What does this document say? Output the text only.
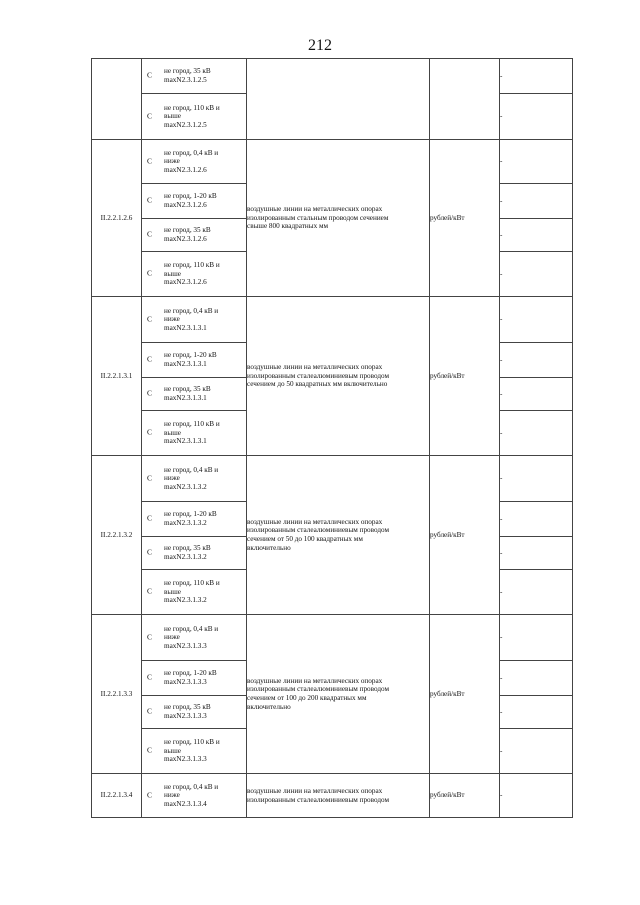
212

	С не город, 35 кВ
maxN2.3.1.2.5			-

	С
не город, 110 кВ и
выше
maxN2.3.1.2.5			-
II.2.2.1.2.6	С
не город, 0,4 кВ и
ниже
maxN2.3.1.2.6	воздушные линии на металлических опорах
изолированным стальным проводом сечением
свыше 800 квадратных мм	рублей/кВт	-

	С не город, 1-20 кВ
maxN2.3.1.2.6			-

	С не город, 35 кВ
maxN2.3.1.2.6			-

	С
не город, 110 кВ и
выше
maxN2.3.1.2.6			-
II.2.2.1.3.1	С
не город, 0,4 кВ и
ниже
maxN2.3.1.3.1	воздушные линии на металлических опорах
изолированным сталеалюминиевым проводом
сечением до 50 квадратных мм включительно	рублей/кВт	-

	С не город, 1-20 кВ
maxN2.3.1.3.1			-

	С не город, 35 кВ
maxN2.3.1.3.1			-

	С
не город, 110 кВ и
выше
maxN2.3.1.3.1			-
II.2.2.1.3.2	С
не город, 0,4 кВ и
ниже
maxN2.3.1.3.2	воздушные линии на металлических опорах
изолированным сталеалюминиевым проводом
сечением от 50 до 100 квадратных мм
включительно	рублей/кВт	-

	С не город, 1-20 кВ
maxN2.3.1.3.2			-

	С не город, 35 кВ
maxN2.3.1.3.2			-

	С
не город, 110 кВ и
выше
maxN2.3.1.3.2			-
II.2.2.1.3.3	С
не город, 0,4 кВ и
ниже
maxN2.3.1.3.3	воздушные линии на металлических опорах
изолированным сталеалюминиевым проводом
сечением от 100 до 200 квадратных мм
включительно	рублей/кВт	-

	С не город, 1-20 кВ
maxN2.3.1.3.3			-

	С не город, 35 кВ
maxN2.3.1.3.3			-

	С
не город, 110 кВ и
выше
maxN2.3.1.3.3			-
II.2.2.1.3.4	С
не город, 0,4 кВ и
ниже
maxN2.3.1.3.4	воздушные линии на металлических опорах
изолированным сталеалюминиевым проводом	рублей/кВт	-
